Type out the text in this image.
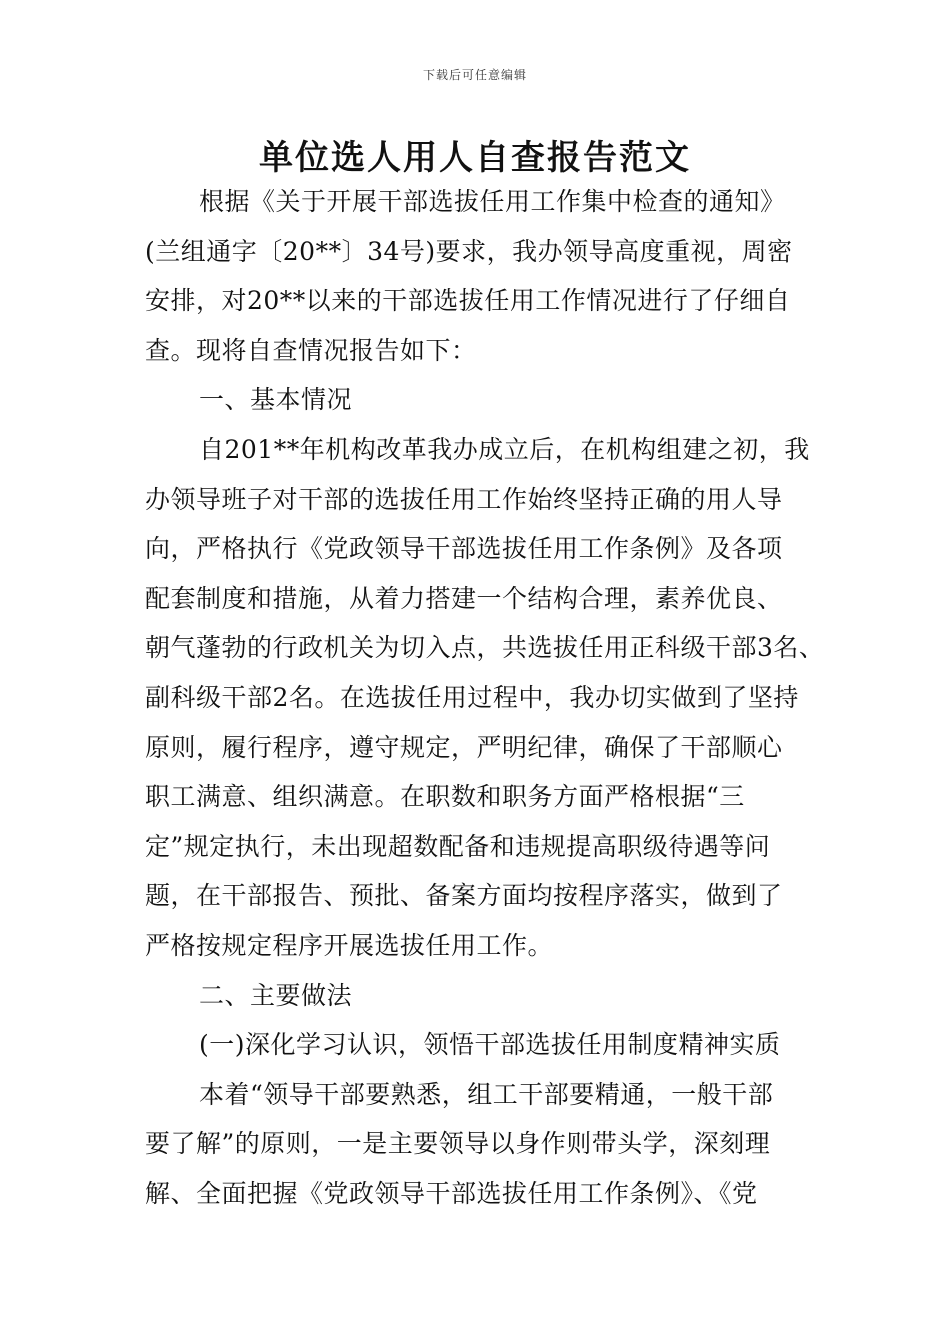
下载后可任意编辑
单位选人用人自查报告范文
根据《关于开展干部选拔任用工作集中检查的通知》
(兰组通字〔20**〕34号)要求，我办领导高度重视，周密
安排，对20**以来的干部选拔任用工作情况进行了仔细自
查。现将自查情况报告如下：
一、基本情况
自201**年机构改革我办成立后，在机构组建之初，我
办领导班子对干部的选拔任用工作始终坚持正确的用人导
向，严格执行《党政领导干部选拔任用工作条例》及各项
配套制度和措施，从着力搭建一个结构合理，素养优良、
朝气蓬勃的行政机关为切入点，共选拔任用正科级干部3名、
副科级干部2名。在选拔任用过程中，我办切实做到了坚持
原则，履行程序，遵守规定，严明纪律，确保了干部顺心
职工满意、组织满意。在职数和职务方面严格根据“三
定”规定执行，未出现超数配备和违规提高职级待遇等问
题，在干部报告、预批、备案方面均按程序落实，做到了
严格按规定程序开展选拔任用工作。
二、主要做法
(一)深化学习认识，领悟干部选拔任用制度精神实质
本着“领导干部要熟悉，组工干部要精通，一般干部
要了解”的原则，一是主要领导以身作则带头学，深刻理
解、全面把握《党政领导干部选拔任用工作条例》、《党
